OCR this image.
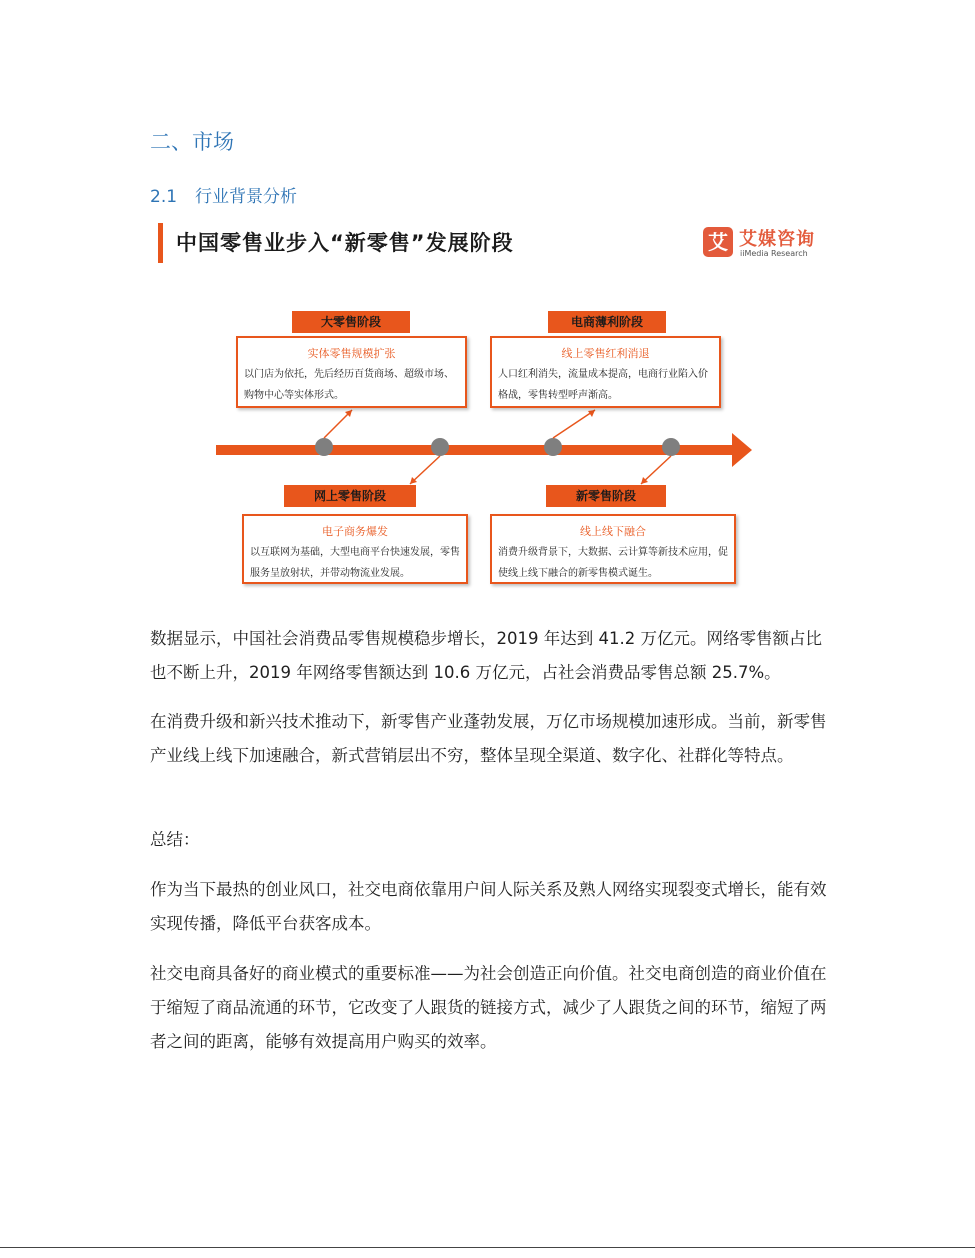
二、市场
2.1 行业背景分析
中国零售业步入“新零售”发展阶段	艾 艾媒咨询
iiMedia Research
大零售阶段
实体零售规模扩张
以门店为依托，先后经历百货商场、超级市场、购物中心等实体形式。
网上零售阶段
电子商务爆发
以互联网为基础，大型电商平台快速发展，零售服务呈放射状，并带动物流业发展。
电商薄利阶段
线上零售红利消退
人口红利消失，流量成本提高，电商行业陷入价格战，零售转型呼声渐高。
新零售阶段
线上线下融合
消费升级背景下，大数据、云计算等新技术应用，促使线上线下融合的新零售模式诞生。
数据显示，中国社会消费品零售规模稳步增长，2019 年达到 41.2 万亿元。网络零售额占比也不断上升，2019 年网络零售额达到 10.6 万亿元，占社会消费品零售总额 25.7%。
在消费升级和新兴技术推动下，新零售产业蓬勃发展，万亿市场规模加速形成。当前，新零售产业线上线下加速融合，新式营销层出不穷，整体呈现全渠道、数字化、社群化等特点。
总结：
作为当下最热的创业风口，社交电商依靠用户间人际关系及熟人网络实现裂变式增长，能有效实现传播，降低平台获客成本。
社交电商具备好的商业模式的重要标准——为社会创造正向价值。社交电商创造的商业价值在于缩短了商品流通的环节，它改变了人跟货的链接方式，减少了人跟货之间的环节，缩短了两者之间的距离，能够有效提高用户购买的效率。
